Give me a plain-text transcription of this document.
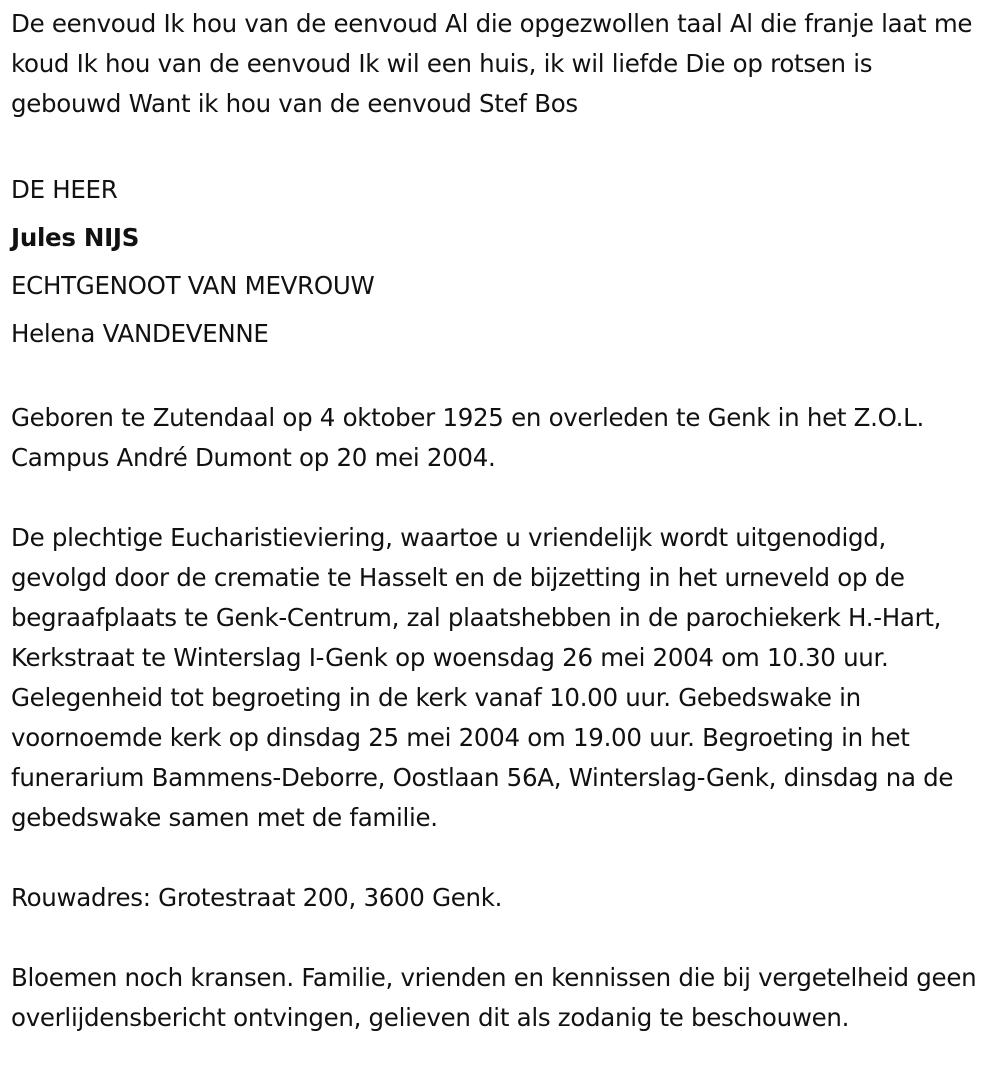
De eenvoud Ik hou van de eenvoud Al die opgezwollen taal Al die franje laat me koud Ik hou van de eenvoud Ik wil een huis, ik wil liefde Die op rotsen is gebouwd Want ik hou van de eenvoud Stef Bos

DE HEER

Jules NIJS

ECHTGENOOT VAN MEVROUW

Helena VANDEVENNE

Geboren te Zutendaal op 4 oktober 1925 en overleden te Genk in het Z.O.L. Campus André Dumont op 20 mei 2004.

De plechtige Eucharistieviering, waartoe u vriendelijk wordt uitgenodigd, gevolgd door de crematie te Hasselt en de bijzetting in het urneveld op de begraafplaats te Genk-Centrum, zal plaatshebben in de parochiekerk H.-Hart, Kerkstraat te Winterslag I-Genk op woensdag 26 mei 2004 om 10.30 uur. Gelegenheid tot begroeting in de kerk vanaf 10.00 uur. Gebedswake in voornoemde kerk op dinsdag 25 mei 2004 om 19.00 uur. Begroeting in het funerarium Bammens-Deborre, Oostlaan 56A, Winterslag-Genk, dinsdag na de gebedswake samen met de familie.

Rouwadres: Grotestraat 200, 3600 Genk.

Bloemen noch kransen. Familie, vrienden en kennissen die bij vergetelheid geen overlijdensbericht ontvingen, gelieven dit als zodanig te beschouwen.
